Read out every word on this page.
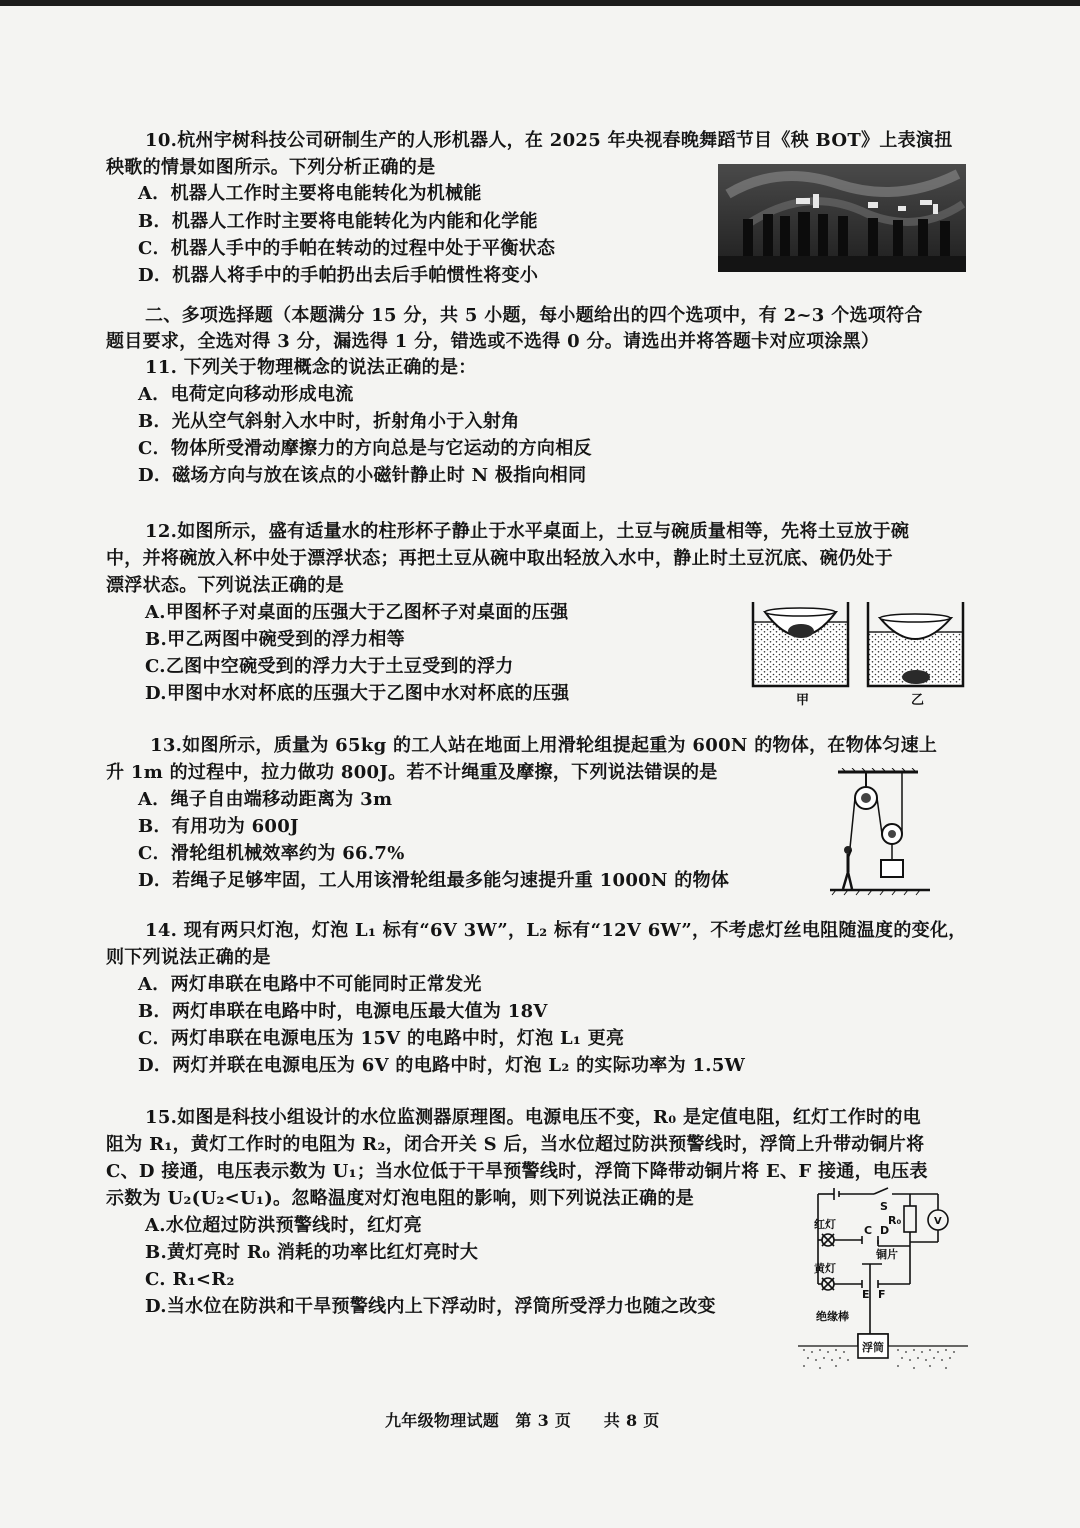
10.杭州宇树科技公司研制生产的人形机器人，在 2025 年央视春晚舞蹈节目《秧 BOT》上表演扭
秧歌的情景如图所示。下列分析正确的是
A．机器人工作时主要将电能转化为机械能
B．机器人工作时主要将电能转化为内能和化学能
C．机器人手中的手帕在转动的过程中处于平衡状态
D．机器人将手中的手帕扔出去后手帕惯性将变小
二、多项选择题（本题满分 15 分，共 5 小题，每小题给出的四个选项中，有 2~3 个选项符合
题目要求，全选对得 3 分，漏选得 1 分，错选或不选得 0 分。请选出并将答题卡对应项涂黑）
11. 下列关于物理概念的说法正确的是：
A．电荷定向移动形成电流
B．光从空气斜射入水中时，折射角小于入射角
C．物体所受滑动摩擦力的方向总是与它运动的方向相反
D．磁场方向与放在该点的小磁针静止时 N 极指向相同
12.如图所示，盛有适量水的柱形杯子静止于水平桌面上，土豆与碗质量相等，先将土豆放于碗
中，并将碗放入杯中处于漂浮状态；再把土豆从碗中取出轻放入水中，静止时土豆沉底、碗仍处于
漂浮状态。下列说法正确的是
A.甲图杯子对桌面的压强大于乙图杯子对桌面的压强
B.甲乙两图中碗受到的浮力相等
C.乙图中空碗受到的浮力大于土豆受到的浮力
D.甲图中水对杯底的压强大于乙图中水对杯底的压强	甲	乙
13.如图所示，质量为 65kg 的工人站在地面上用滑轮组提起重为 600N 的物体，在物体匀速上
升 1m 的过程中，拉力做功 800J。若不计绳重及摩擦，下列说法错误的是
A．绳子自由端移动距离为 3m
B．有用功为 600J
C．滑轮组机械效率约为 66.7%
D．若绳子足够牢固，工人用该滑轮组最多能匀速提升重 1000N 的物体
14. 现有两只灯泡，灯泡 L₁ 标有“6V 3W”，L₂ 标有“12V 6W”，不考虑灯丝电阻随温度的变化，
则下列说法正确的是
A．两灯串联在电路中不可能同时正常发光
B．两灯串联在电路中时，电源电压最大值为 18V
C．两灯串联在电源电压为 15V 的电路中时，灯泡 L₁ 更亮
D．两灯并联在电源电压为 6V 的电路中时，灯泡 L₂ 的实际功率为 1.5W
15.如图是科技小组设计的水位监测器原理图。电源电压不变，R₀ 是定值电阻，红灯工作时的电
阻为 R₁，黄灯工作时的电阻为 R₂，闭合开关 S 后，当水位超过防洪预警线时，浮筒上升带动铜片将
C、D 接通，电压表示数为 U₁；当水位低于干旱预警线时，浮筒下降带动铜片将 E、F 接通，电压表
示数为 U₂(U₂<U₁)。忽略温度对灯泡电阻的影响，则下列说法正确的是
A.水位超过防洪预警线时，红灯亮
B.黄灯亮时 R₀ 消耗的功率比红灯亮时大
C. R₁<R₂
D.当水位在防洪和干旱预警线内上下浮动时，浮筒所受浮力也随之改变
S
R₀	V
红灯	C D
铜片
黄灯
E F
绝缘棒
浮筒
九年级物理试题　第 3 页　　共 8 页
